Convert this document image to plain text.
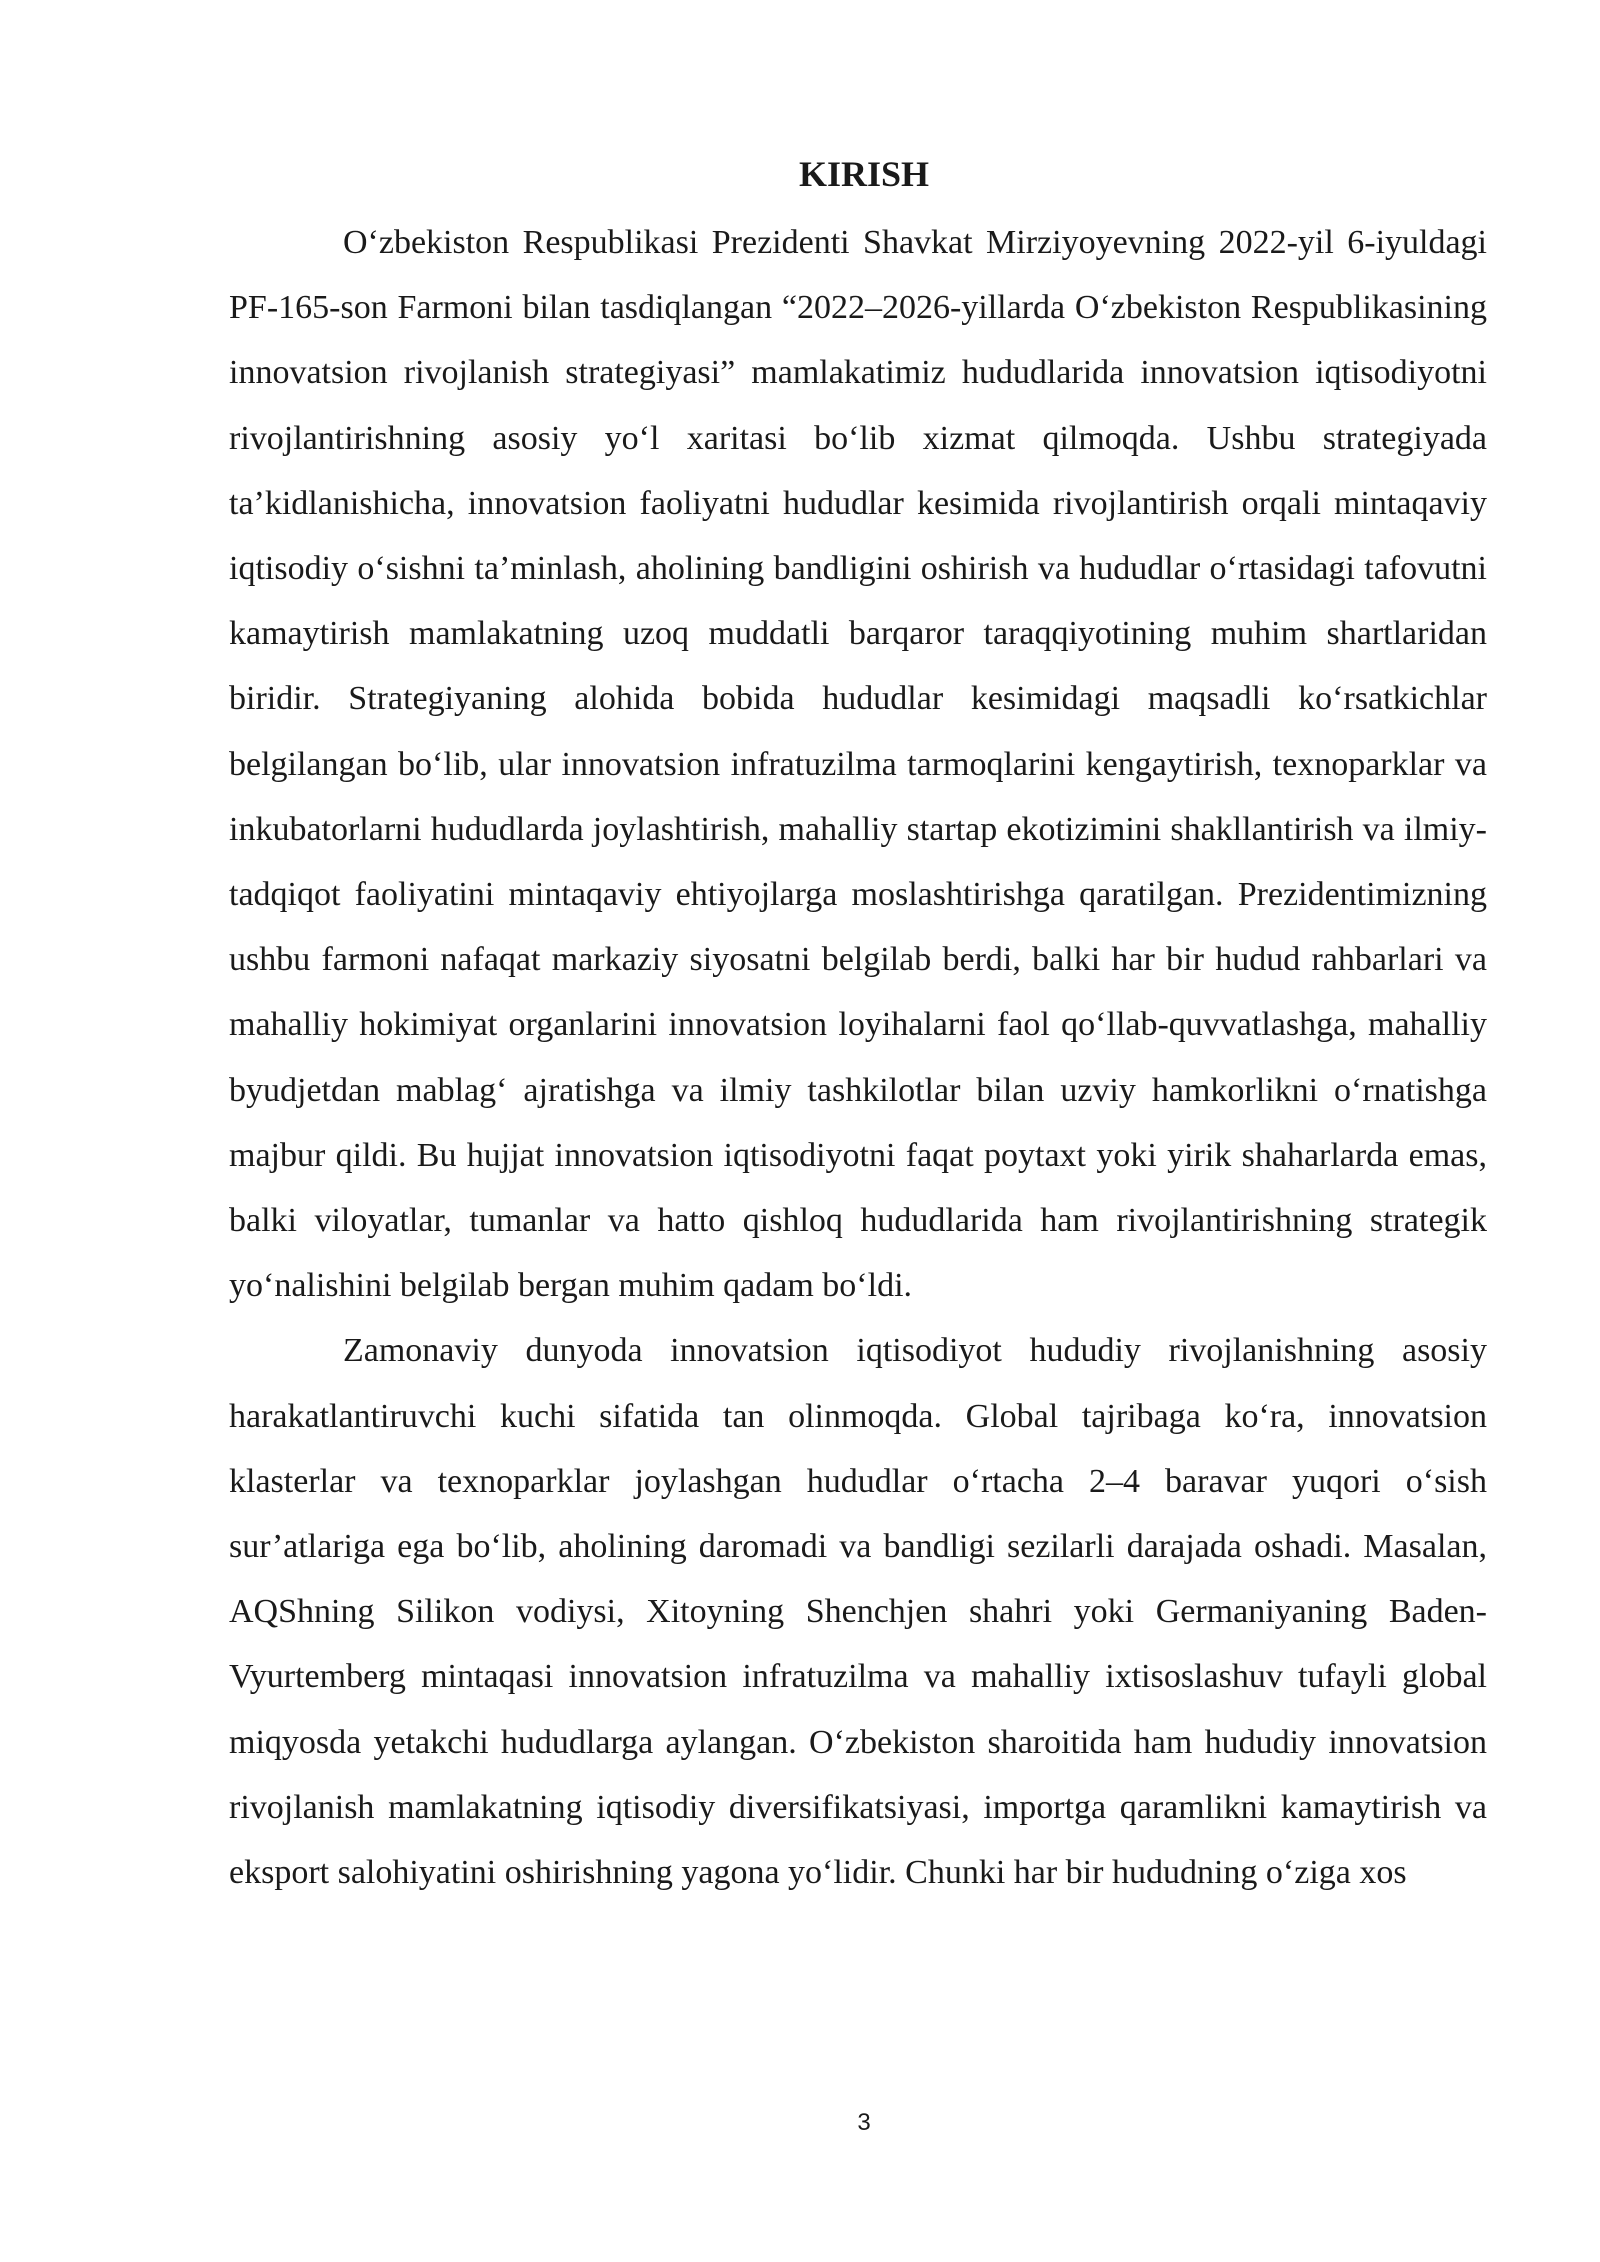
KIRISH

O‘zbekiston Respublikasi Prezidenti Shavkat Mirziyoyevning 2022-yil 6-iyuldagi PF-165-son Farmoni bilan tasdiqlangan “2022–2026-yillarda O‘zbekiston Respublikasining innovatsion rivojlanish strategiyasi” mamlakatimiz hududlarida innovatsion iqtisodiyotni rivojlantirishning asosiy yo‘l xaritasi bo‘lib xizmat qilmoqda. Ushbu strategiyada ta’kidlanishicha, innovatsion faoliyatni hududlar kesimida rivojlantirish orqali mintaqaviy iqtisodiy o‘sishni ta’minlash, aholining bandligini oshirish va hududlar o‘rtasidagi tafovutni kamaytirish mamlakatning uzoq muddatli barqaror taraqqiyotining muhim shartlaridan biridir. Strategiyaning alohida bobida hududlar kesimidagi maqsadli ko‘rsatkichlar belgilangan bo‘lib, ular innovatsion infratuzilma tarmoqlarini kengaytirish, texnoparklar va inkubatorlarni hududlarda joylashtirish, mahalliy startap ekotizimini shakllantirish va ilmiy-tadqiqot faoliyatini mintaqaviy ehtiyojlarga moslashtirishga qaratilgan. Prezidentimizning ushbu farmoni nafaqat markaziy siyosatni belgilab berdi, balki har bir hudud rahbarlari va mahalliy hokimiyat organlarini innovatsion loyihalarni faol qo‘llab-quvvatlashga, mahalliy byudjetdan mablag‘ ajratishga va ilmiy tashkilotlar bilan uzviy hamkorlikni o‘rnatishga majbur qildi. Bu hujjat innovatsion iqtisodiyotni faqat poytaxt yoki yirik shaharlarda emas, balki viloyatlar, tumanlar va hatto qishloq hududlarida ham rivojlantirishning strategik yo‘nalishini belgilab bergan muhim qadam bo‘ldi.

Zamonaviy dunyoda innovatsion iqtisodiyot hududiy rivojlanishning asosiy harakatlantiruvchi kuchi sifatida tan olinmoqda. Global tajribaga ko‘ra, innovatsion klasterlar va texnoparklar joylashgan hududlar o‘rtacha 2–4 baravar yuqori o‘sish sur’atlariga ega bo‘lib, aholining daromadi va bandligi sezilarli darajada oshadi. Masalan, AQShning Silikon vodiysi, Xitoyning Shenchjen shahri yoki Germaniyaning Baden-Vyurtemberg mintaqasi innovatsion infratuzilma va mahalliy ixtisoslashuv tufayli global miqyosda yetakchi hududlarga aylangan. O‘zbekiston sharoitida ham hududiy innovatsion rivojlanish mamlakatning iqtisodiy diversifikatsiyasi, importga qaramlikni kamaytirish va eksport salohiyatini oshirishning yagona yo‘lidir. Chunki har bir hududning o‘ziga xos

3
